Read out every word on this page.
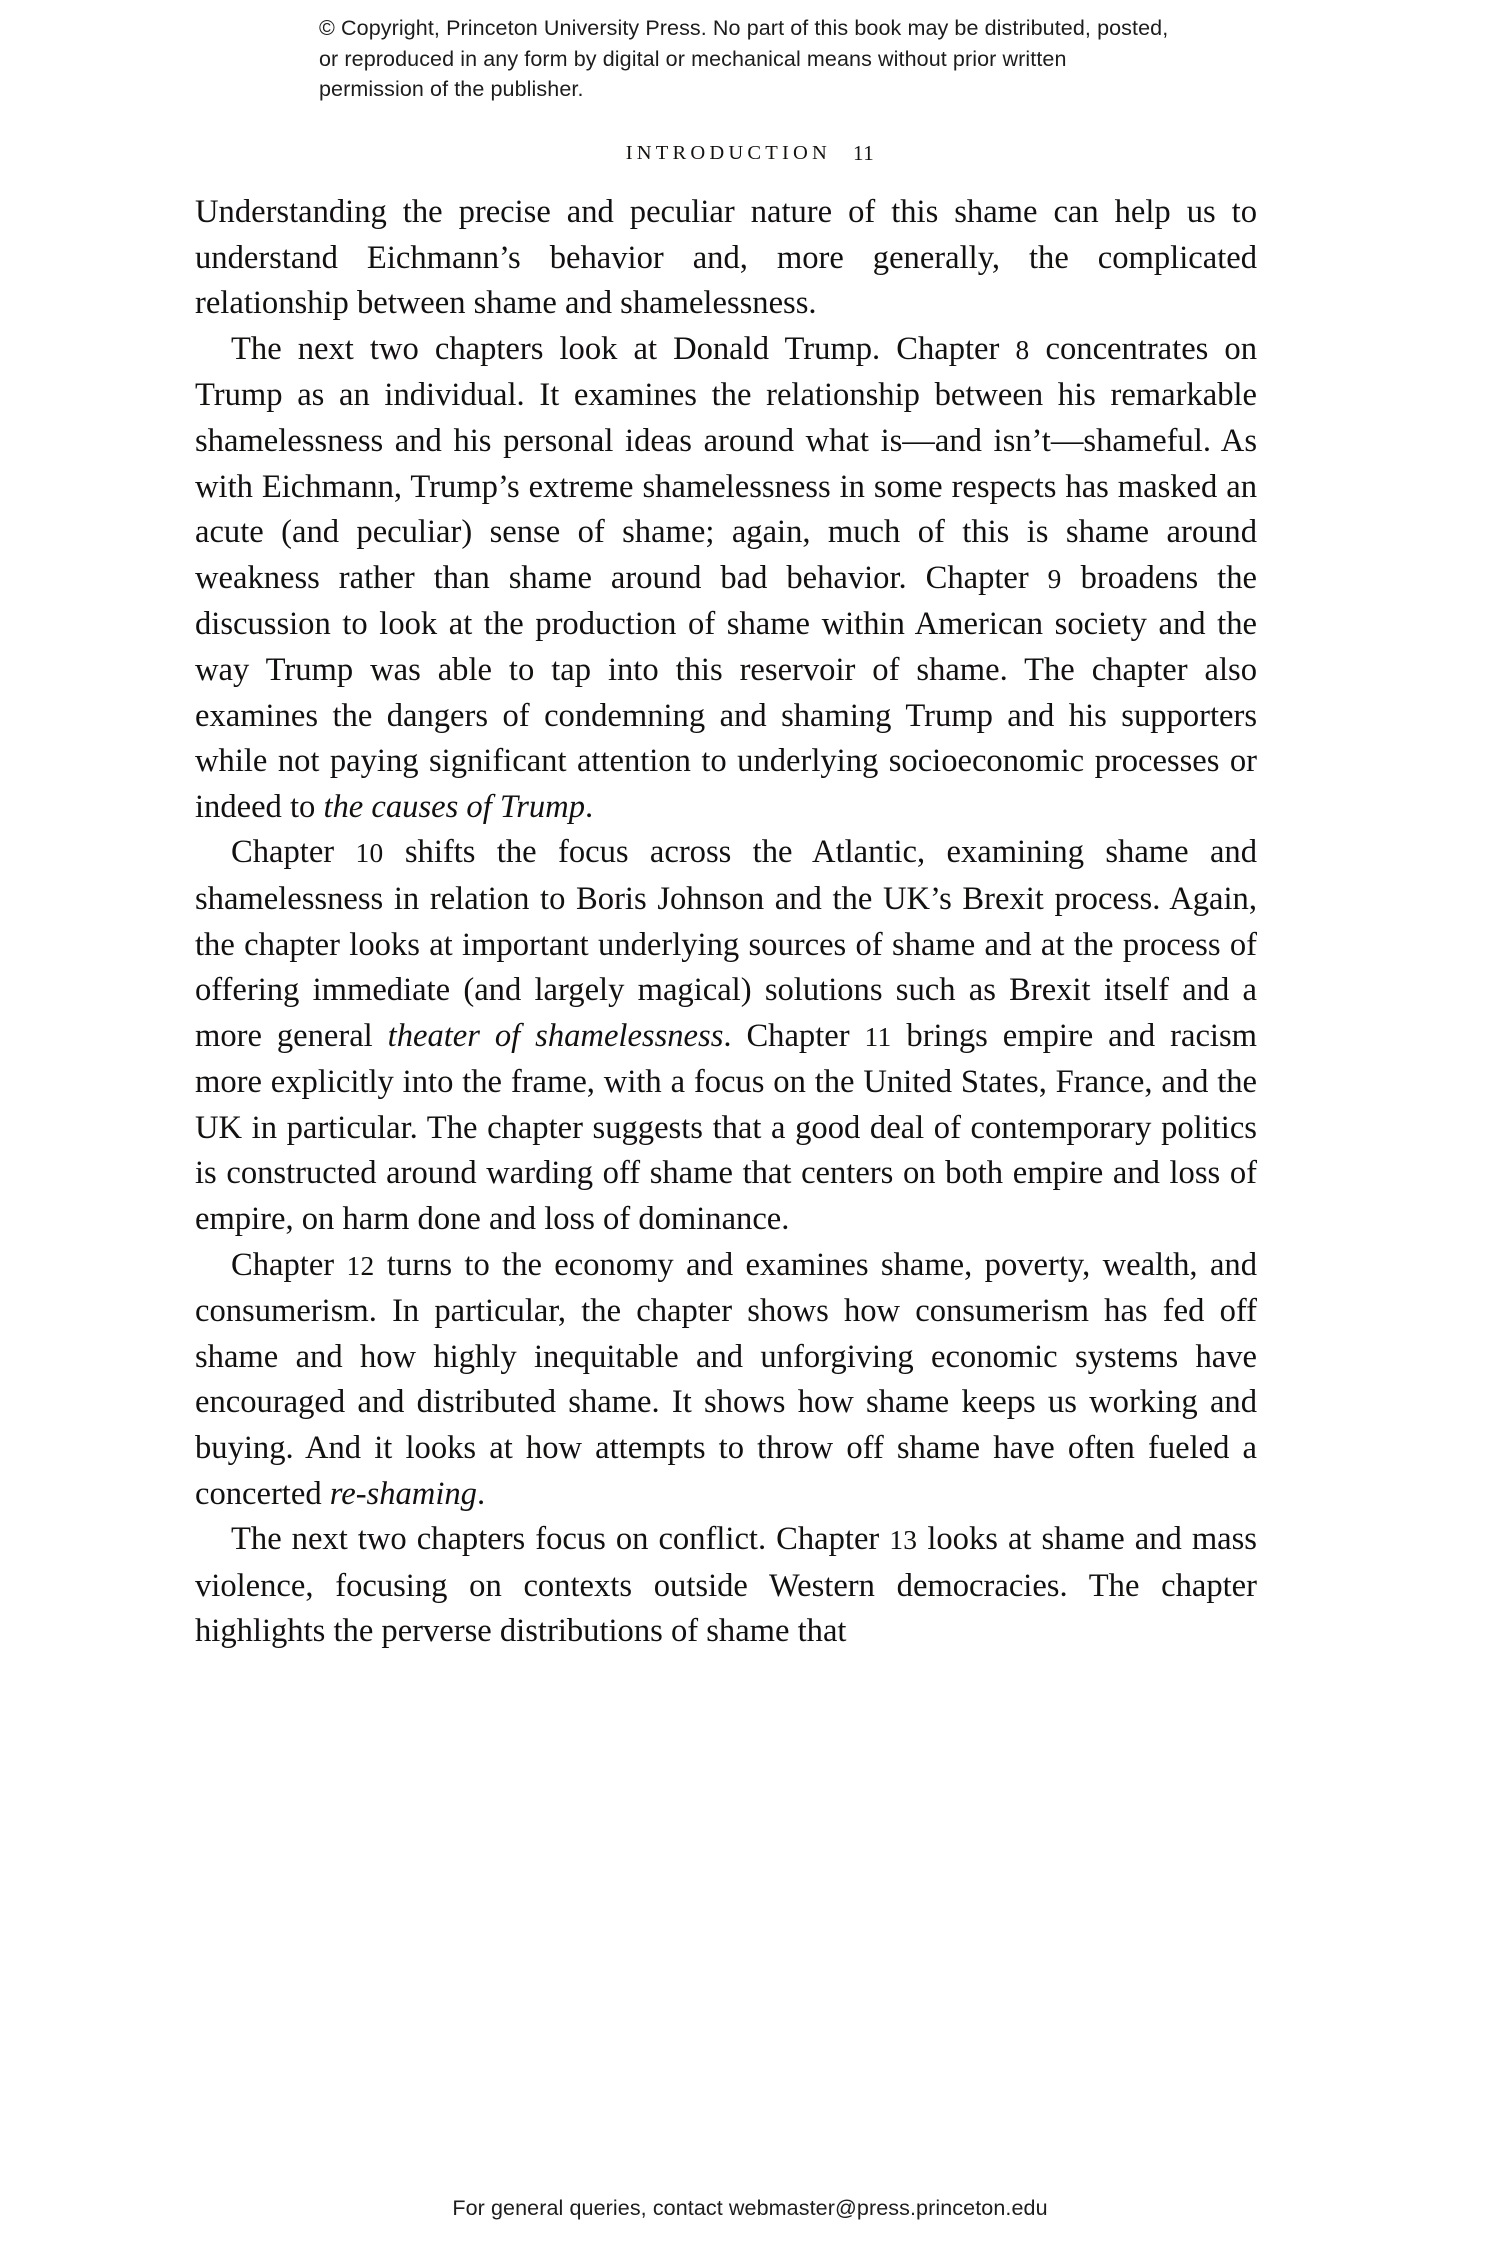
© Copyright, Princeton University Press. No part of this book may be distributed, posted, or reproduced in any form by digital or mechanical means without prior written permission of the publisher.
INTRODUCTION 11

Understanding the precise and peculiar nature of this shame can help us to understand Eichmann’s behavior and, more generally, the complicated relationship between shame and shamelessness.

The next two chapters look at Donald Trump. Chapter 8 concentrates on Trump as an individual. It examines the relationship between his remarkable shamelessness and his personal ideas around what is—and isn’t—shameful. As with Eichmann, Trump’s extreme shamelessness in some respects has masked an acute (and peculiar) sense of shame; again, much of this is shame around weakness rather than shame around bad behavior. Chapter 9 broadens the discussion to look at the production of shame within American society and the way Trump was able to tap into this reservoir of shame. The chapter also examines the dangers of condemning and shaming Trump and his supporters while not paying significant attention to underlying socioeconomic processes or indeed to the causes of Trump.

Chapter 10 shifts the focus across the Atlantic, examining shame and shamelessness in relation to Boris Johnson and the UK’s Brexit process. Again, the chapter looks at important underlying sources of shame and at the process of offering immediate (and largely magical) solutions such as Brexit itself and a more general theater of shamelessness. Chapter 11 brings empire and racism more explicitly into the frame, with a focus on the United States, France, and the UK in particular. The chapter suggests that a good deal of contemporary politics is constructed around warding off shame that centers on both empire and loss of empire, on harm done and loss of dominance.

Chapter 12 turns to the economy and examines shame, poverty, wealth, and consumerism. In particular, the chapter shows how consumerism has fed off shame and how highly inequitable and unforgiving economic systems have encouraged and distributed shame. It shows how shame keeps us working and buying. And it looks at how attempts to throw off shame have often fueled a concerted re-shaming.

The next two chapters focus on conflict. Chapter 13 looks at shame and mass violence, focusing on contexts outside Western democracies. The chapter highlights the perverse distributions of shame that

For general queries, contact webmaster@press.princeton.edu
